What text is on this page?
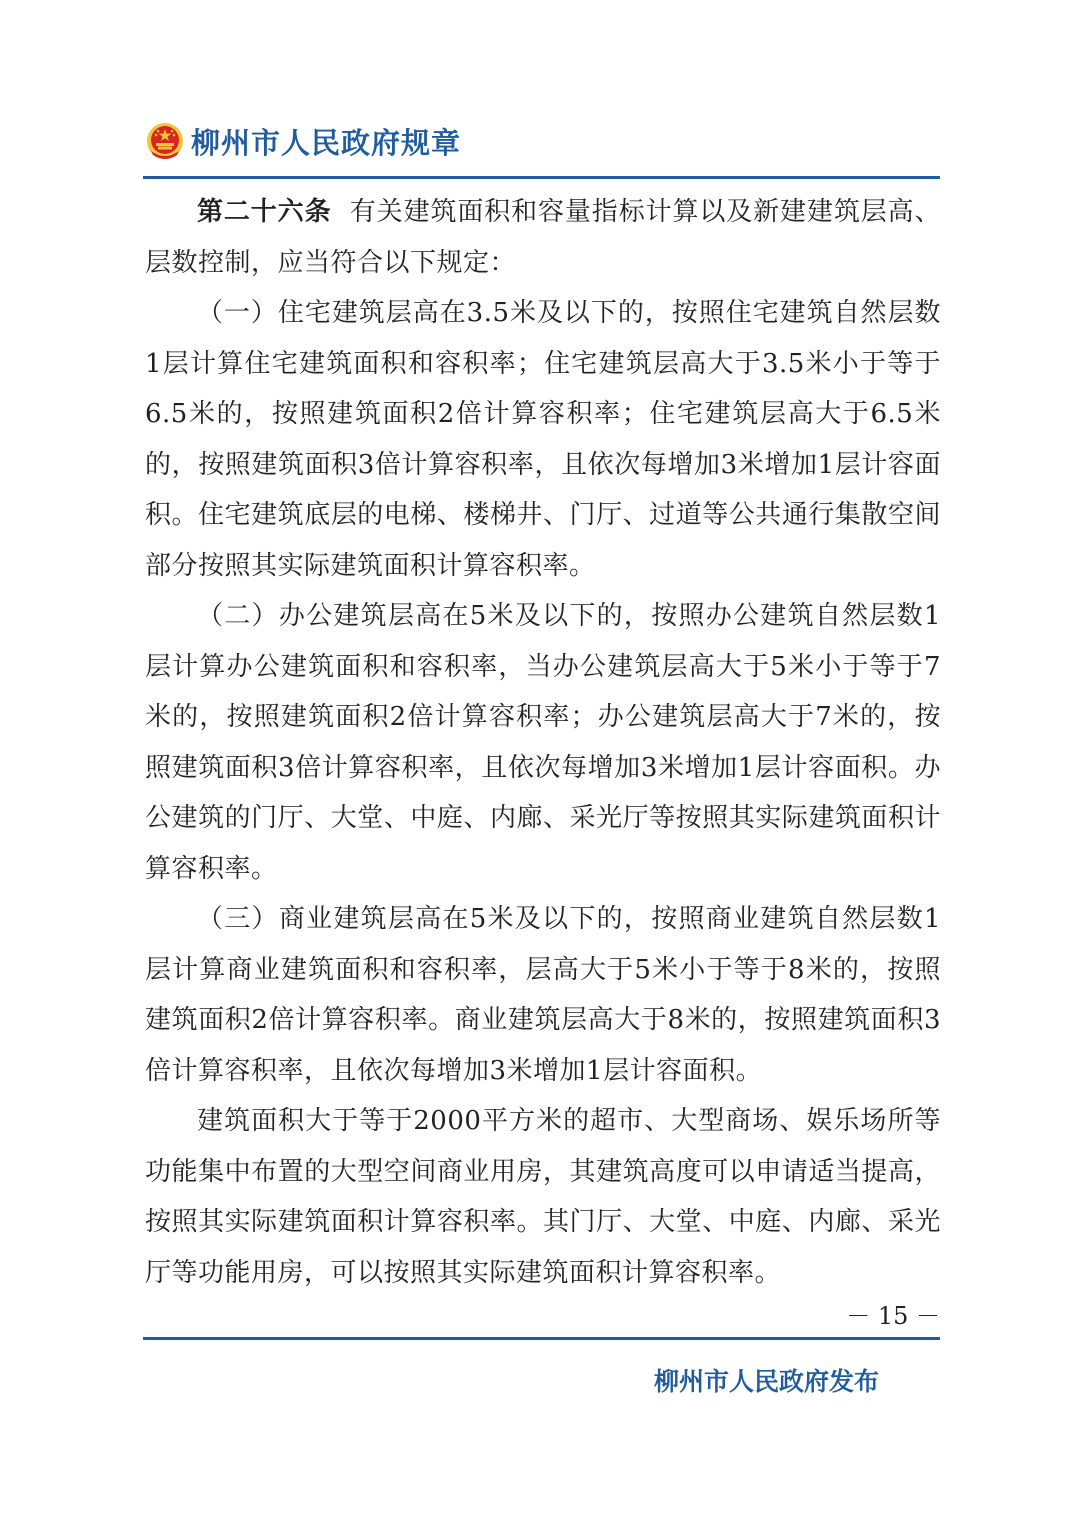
柳州市人民政府规章

第二十六条 有关建筑面积和容量指标计算以及新建建筑层高、层数控制，应当符合以下规定：

（一）住宅建筑层高在3.5米及以下的，按照住宅建筑自然层数1层计算住宅建筑面积和容积率；住宅建筑层高大于3.5米小于等于6.5米的，按照建筑面积2倍计算容积率；住宅建筑层高大于6.5米的，按照建筑面积3倍计算容积率，且依次每增加3米增加1层计容面积。住宅建筑底层的电梯、楼梯井、门厅、过道等公共通行集散空间部分按照其实际建筑面积计算容积率。

（二）办公建筑层高在5米及以下的，按照办公建筑自然层数1层计算办公建筑面积和容积率，当办公建筑层高大于5米小于等于7米的，按照建筑面积2倍计算容积率；办公建筑层高大于7米的，按照建筑面积3倍计算容积率，且依次每增加3米增加1层计容面积。办公建筑的门厅、大堂、中庭、内廊、采光厅等按照其实际建筑面积计算容积率。

（三）商业建筑层高在5米及以下的，按照商业建筑自然层数1层计算商业建筑面积和容积率，层高大于5米小于等于8米的，按照建筑面积2倍计算容积率。商业建筑层高大于8米的，按照建筑面积3倍计算容积率，且依次每增加3米增加1层计容面积。

建筑面积大于等于2000平方米的超市、大型商场、娱乐场所等功能集中布置的大型空间商业用房，其建筑高度可以申请适当提高，按照其实际建筑面积计算容积率。其门厅、大堂、中庭、内廊、采光厅等功能用房，可以按照其实际建筑面积计算容积率。

－ 15 －
柳州市人民政府发布
